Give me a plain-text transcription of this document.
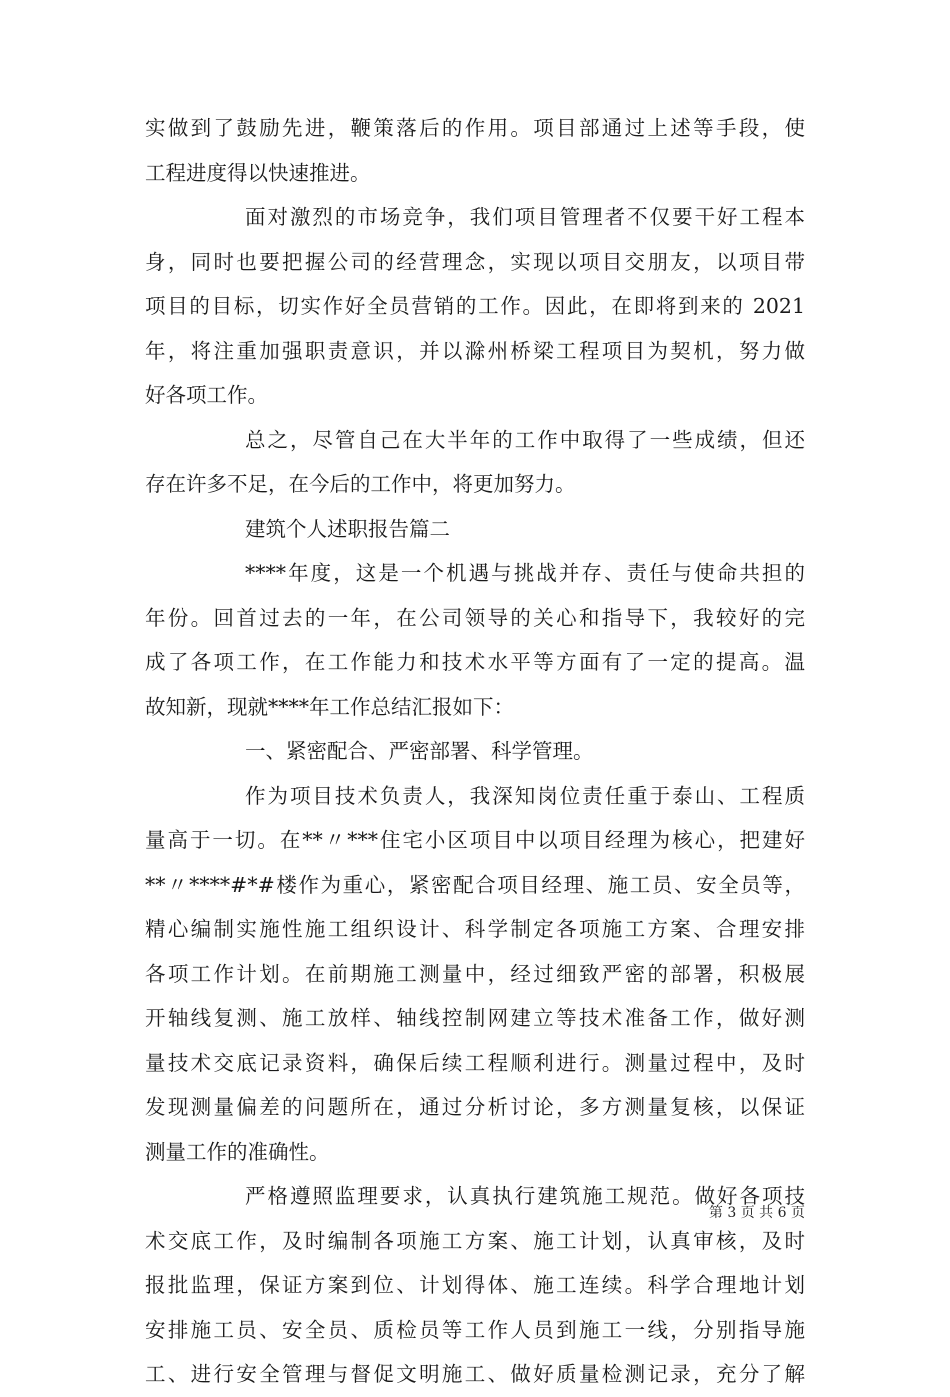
实做到了鼓励先进，鞭策落后的作用。项目部通过上述等手段，使
工程进度得以快速推进。
面对激烈的市场竞争，我们项目管理者不仅要干好工程本
身，同时也要把握公司的经营理念，实现以项目交朋友，以项目带
项目的目标，切实作好全员营销的工作。因此，在即将到来的 2021
年，将注重加强职责意识，并以滁州桥梁工程项目为契机，努力做
好各项工作。
总之，尽管自己在大半年的工作中取得了一些成绩，但还
存在许多不足，在今后的工作中，将更加努力。
建筑个人述职报告篇二
****年度，这是一个机遇与挑战并存、责任与使命共担的
年份。回首过去的一年，在公司领导的关心和指导下，我较好的完
成了各项工作，在工作能力和技术水平等方面有了一定的提高。温
故知新，现就****年工作总结汇报如下：
一、紧密配合、严密部署、科学管理。
作为项目技术负责人，我深知岗位责任重于泰山、工程质
量高于一切。在**〃***住宅小区项目中以项目经理为核心，把建好
**〃****#*#楼作为重心，紧密配合项目经理、施工员、安全员等，
精心编制实施性施工组织设计、科学制定各项施工方案、合理安排
各项工作计划。在前期施工测量中，经过细致严密的部署，积极展
开轴线复测、施工放样、轴线控制网建立等技术准备工作，做好测
量技术交底记录资料，确保后续工程顺利进行。测量过程中，及时
发现测量偏差的问题所在，通过分析讨论，多方测量复核，以保证
测量工作的准确性。
严格遵照监理要求，认真执行建筑施工规范。做好各项技
术交底工作，及时编制各项施工方案、施工计划，认真审核，及时
报批监理，保证方案到位、计划得体、施工连续。科学合理地计划
安排施工员、安全员、质检员等工作人员到施工一线，分别指导施
工、进行安全管理与督促文明施工、做好质量检测记录，充分了解
第 3 页 共 6 页
